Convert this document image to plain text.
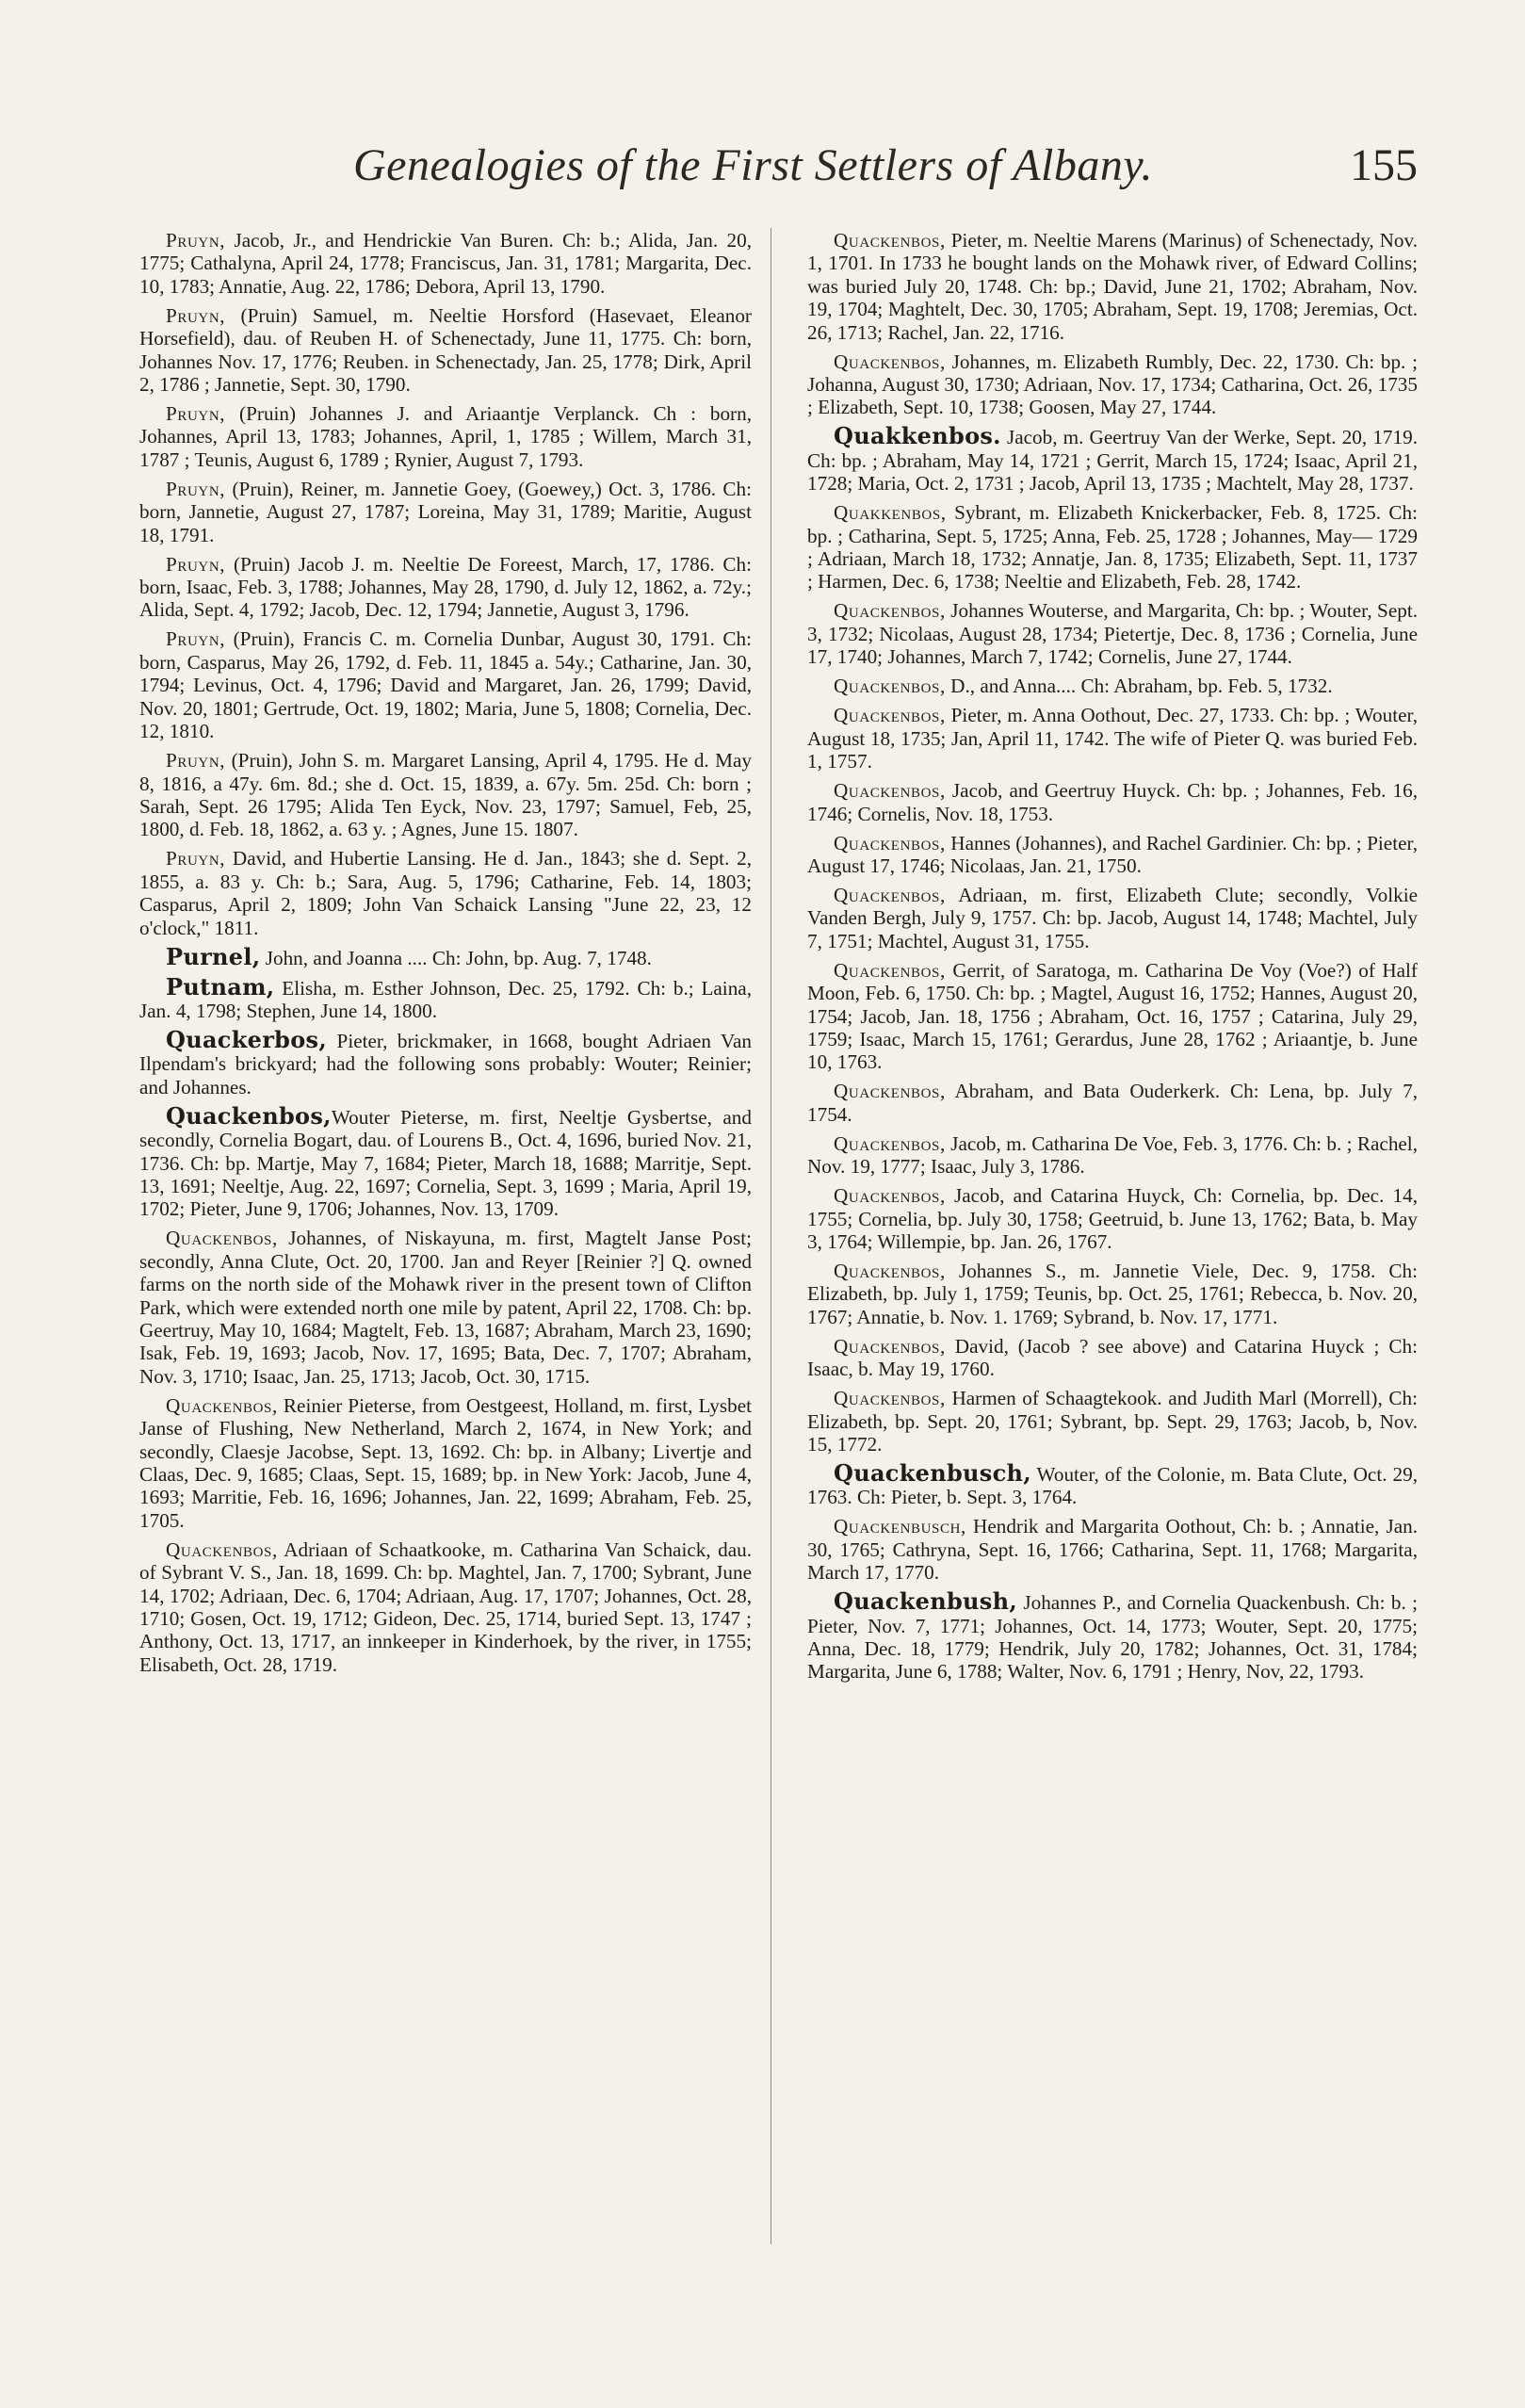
Genealogies of the First Settlers of Albany.	155

Pruyn, Jacob, Jr., and Hendrickie Van Buren. Ch: b.; Alida, Jan. 20, 1775; Cathalyna, April 24, 1778; Franciscus, Jan. 31, 1781; Margarita, Dec. 10, 1783; Annatie, Aug. 22, 1786; Debora, April 13, 1790.

Pruyn, (Pruin) Samuel, m. Neeltie Horsford (Hasevaet, Eleanor Horsefield), dau. of Reuben H. of Schenectady, June 11, 1775. Ch: born, Johannes Nov. 17, 1776; Reuben. in Schenectady, Jan. 25, 1778; Dirk, April 2, 1786 ; Jannetie, Sept. 30, 1790.

Pruyn, (Pruin) Johannes J. and Ariaantje Verplanck. Ch : born, Johannes, April 13, 1783; Johannes, April, 1, 1785 ; Willem, March 31, 1787 ; Teunis, August 6, 1789 ; Rynier, August 7, 1793.

Pruyn, (Pruin), Reiner, m. Jannetie Goey, (Goewey,) Oct. 3, 1786. Ch: born, Jannetie, August 27, 1787; Loreina, May 31, 1789; Maritie, August 18, 1791.

Pruyn, (Pruin) Jacob J. m. Neeltie De Foreest, March, 17, 1786. Ch: born, Isaac, Feb. 3, 1788; Johannes, May 28, 1790, d. July 12, 1862, a. 72y.; Alida, Sept. 4, 1792; Jacob, Dec. 12, 1794; Jannetie, August 3, 1796.

Pruyn, (Pruin), Francis C. m. Cornelia Dunbar, August 30, 1791. Ch: born, Casparus, May 26, 1792, d. Feb. 11, 1845 a. 54y.; Catharine, Jan. 30, 1794; Levinus, Oct. 4, 1796; David and Margaret, Jan. 26, 1799; David, Nov. 20, 1801; Gertrude, Oct. 19, 1802; Maria, June 5, 1808; Cornelia, Dec. 12, 1810.

Pruyn, (Pruin), John S. m. Margaret Lansing, April 4, 1795. He d. May 8, 1816, a 47y. 6m. 8d.; she d. Oct. 15, 1839, a. 67y. 5m. 25d. Ch: born ; Sarah, Sept. 26 1795; Alida Ten Eyck, Nov. 23, 1797; Samuel, Feb, 25, 1800, d. Feb. 18, 1862, a. 63 y. ; Agnes, June 15. 1807.

Pruyn, David, and Hubertie Lansing. He d. Jan., 1843; she d. Sept. 2, 1855, a. 83 y. Ch: b.; Sara, Aug. 5, 1796; Catharine, Feb. 14, 1803; Casparus, April 2, 1809; John Van Schaick Lansing "June 22, 23, 12 o'clock," 1811.

Purnel, John, and Joanna .... Ch: John, bp. Aug. 7, 1748.

Putnam, Elisha, m. Esther Johnson, Dec. 25, 1792. Ch: b.; Laina, Jan. 4, 1798; Stephen, June 14, 1800.

Quackerbos, Pieter, brickmaker, in 1668, bought Adriaen Van Ilpendam's brickyard; had the following sons probably: Wouter; Reinier; and Johannes.

Quackenbos,Wouter Pieterse, m. first, Neeltje Gysbertse, and secondly, Cornelia Bogart, dau. of Lourens B., Oct. 4, 1696, buried Nov. 21, 1736. Ch: bp. Martje, May 7, 1684; Pieter, March 18, 1688; Marritje, Sept. 13, 1691; Neeltje, Aug. 22, 1697; Cornelia, Sept. 3, 1699 ; Maria, April 19, 1702; Pieter, June 9, 1706; Johannes, Nov. 13, 1709.

Quackenbos, Johannes, of Niskayuna, m. first, Magtelt Janse Post; secondly, Anna Clute, Oct. 20, 1700. Jan and Reyer [Reinier ?] Q. owned farms on the north side of the Mohawk river in the present town of Clifton Park, which were extended north one mile by patent, April 22, 1708. Ch: bp. Geertruy, May 10, 1684; Magtelt, Feb. 13, 1687; Abraham, March 23, 1690; Isak, Feb. 19, 1693; Jacob, Nov. 17, 1695; Bata, Dec. 7, 1707; Abraham, Nov. 3, 1710; Isaac, Jan. 25, 1713; Jacob, Oct. 30, 1715.

Quackenbos, Reinier Pieterse, from Oestgeest, Holland, m. first, Lysbet Janse of Flushing, New Netherland, March 2, 1674, in New York; and secondly, Claesje Jacobse, Sept. 13, 1692. Ch: bp. in Albany; Livertje and Claas, Dec. 9, 1685; Claas, Sept. 15, 1689; bp. in New York: Jacob, June 4, 1693; Marritie, Feb. 16, 1696; Johannes, Jan. 22, 1699; Abraham, Feb. 25, 1705.

Quackenbos, Adriaan of Schaatkooke, m. Catharina Van Schaick, dau. of Sybrant V. S., Jan. 18, 1699. Ch: bp. Maghtel, Jan. 7, 1700; Sybrant, June 14, 1702; Adriaan, Dec. 6, 1704; Adriaan, Aug. 17, 1707; Johannes, Oct. 28, 1710; Gosen, Oct. 19, 1712; Gideon, Dec. 25, 1714, buried Sept. 13, 1747 ; Anthony, Oct. 13, 1717, an innkeeper in Kinderhoek, by the river, in 1755; Elisabeth, Oct. 28, 1719.

Quackenbos, Pieter, m. Neeltie Marens (Marinus) of Schenectady, Nov. 1, 1701. In 1733 he bought lands on the Mohawk river, of Edward Collins; was buried July 20, 1748. Ch: bp.; David, June 21, 1702; Abraham, Nov. 19, 1704; Maghtelt, Dec. 30, 1705; Abraham, Sept. 19, 1708; Jeremias, Oct. 26, 1713; Rachel, Jan. 22, 1716.

Quackenbos, Johannes, m. Elizabeth Rumbly, Dec. 22, 1730. Ch: bp. ; Johanna, August 30, 1730; Adriaan, Nov. 17, 1734; Catharina, Oct. 26, 1735 ; Elizabeth, Sept. 10, 1738; Goosen, May 27, 1744.

Quakkenbos. Jacob, m. Geertruy Van der Werke, Sept. 20, 1719. Ch: bp. ; Abraham, May 14, 1721 ; Gerrit, March 15, 1724; Isaac, April 21, 1728; Maria, Oct. 2, 1731 ; Jacob, April 13, 1735 ; Machtelt, May 28, 1737.

Quakkenbos, Sybrant, m. Elizabeth Knickerbacker, Feb. 8, 1725. Ch: bp. ; Catharina, Sept. 5, 1725; Anna, Feb. 25, 1728 ; Johannes, May— 1729 ; Adriaan, March 18, 1732; Annatje, Jan. 8, 1735; Elizabeth, Sept. 11, 1737 ; Harmen, Dec. 6, 1738; Neeltie and Elizabeth, Feb. 28, 1742.

Quackenbos, Johannes Wouterse, and Margarita, Ch: bp. ; Wouter, Sept. 3, 1732; Nicolaas, August 28, 1734; Pietertje, Dec. 8, 1736 ; Cornelia, June 17, 1740; Johannes, March 7, 1742; Cornelis, June 27, 1744.

Quackenbos, D., and Anna.... Ch: Abraham, bp. Feb. 5, 1732.

Quackenbos, Pieter, m. Anna Oothout, Dec. 27, 1733. Ch: bp. ; Wouter, August 18, 1735; Jan, April 11, 1742. The wife of Pieter Q. was buried Feb. 1, 1757.

Quackenbos, Jacob, and Geertruy Huyck. Ch: bp. ; Johannes, Feb. 16, 1746; Cornelis, Nov. 18, 1753.

Quackenbos, Hannes (Johannes), and Rachel Gardinier. Ch: bp. ; Pieter, August 17, 1746; Nicolaas, Jan. 21, 1750.

Quackenbos, Adriaan, m. first, Elizabeth Clute; secondly, Volkie Vanden Bergh, July 9, 1757. Ch: bp. Jacob, August 14, 1748; Machtel, July 7, 1751; Machtel, August 31, 1755.

Quackenbos, Gerrit, of Saratoga, m. Catharina De Voy (Voe?) of Half Moon, Feb. 6, 1750. Ch: bp. ; Magtel, August 16, 1752; Hannes, August 20, 1754; Jacob, Jan. 18, 1756 ; Abraham, Oct. 16, 1757 ; Catarina, July 29, 1759; Isaac, March 15, 1761; Gerardus, June 28, 1762 ; Ariaantje, b. June 10, 1763.

Quackenbos, Abraham, and Bata Ouderkerk. Ch: Lena, bp. July 7, 1754.

Quackenbos, Jacob, m. Catharina De Voe, Feb. 3, 1776. Ch: b. ; Rachel, Nov. 19, 1777; Isaac, July 3, 1786.

Quackenbos, Jacob, and Catarina Huyck, Ch: Cornelia, bp. Dec. 14, 1755; Cornelia, bp. July 30, 1758; Geetruid, b. June 13, 1762; Bata, b. May 3, 1764; Willempie, bp. Jan. 26, 1767.

Quackenbos, Johannes S., m. Jannetie Viele, Dec. 9, 1758. Ch: Elizabeth, bp. July 1, 1759; Teunis, bp. Oct. 25, 1761; Rebecca, b. Nov. 20, 1767; Annatie, b. Nov. 1. 1769; Sybrand, b. Nov. 17, 1771.

Quackenbos, David, (Jacob ? see above) and Catarina Huyck ; Ch: Isaac, b. May 19, 1760.

Quackenbos, Harmen of Schaagtekook. and Judith Marl (Morrell), Ch: Elizabeth, bp. Sept. 20, 1761; Sybrant, bp. Sept. 29, 1763; Jacob, b, Nov. 15, 1772.

Quackenbusch, Wouter, of the Colonie, m. Bata Clute, Oct. 29, 1763. Ch: Pieter, b. Sept. 3, 1764.

Quackenbusch, Hendrik and Margarita Oothout, Ch: b. ; Annatie, Jan. 30, 1765; Cathryna, Sept. 16, 1766; Catharina, Sept. 11, 1768; Margarita, March 17, 1770.

Quackenbush, Johannes P., and Cornelia Quackenbush. Ch: b. ; Pieter, Nov. 7, 1771; Johannes, Oct. 14, 1773; Wouter, Sept. 20, 1775; Anna, Dec. 18, 1779; Hendrik, July 20, 1782; Johannes, Oct. 31, 1784; Margarita, June 6, 1788; Walter, Nov. 6, 1791 ; Henry, Nov, 22, 1793.
